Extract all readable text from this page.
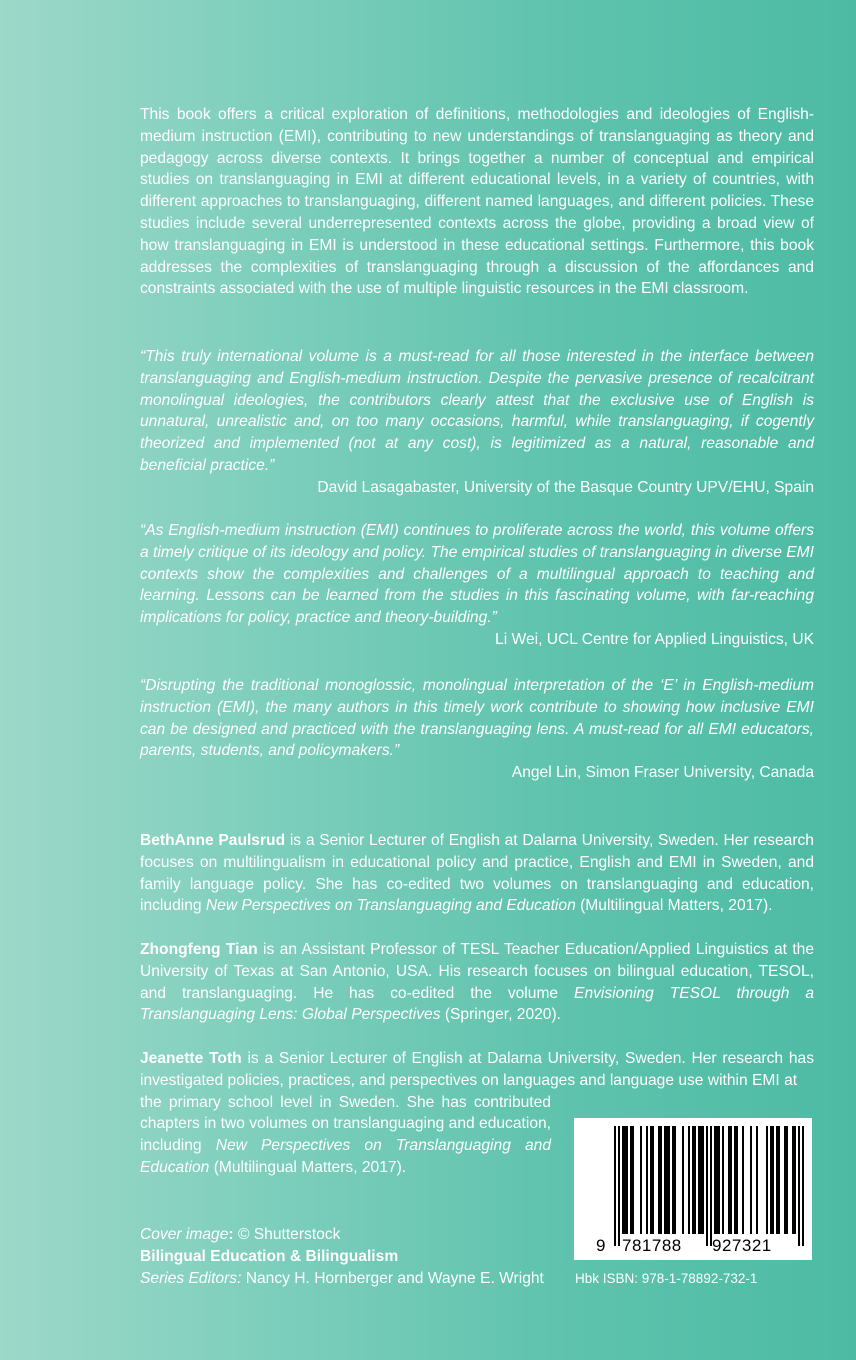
This book offers a critical exploration of definitions, methodologies and ideologies of English-medium instruction (EMI), contributing to new understandings of translanguaging as theory and pedagogy across diverse contexts. It brings together a number of conceptual and empirical studies on translanguaging in EMI at different educational levels, in a variety of countries, with different approaches to translanguaging, different named languages, and different policies. These studies include several underrepresented contexts across the globe, providing a broad view of how translanguaging in EMI is understood in these educational settings. Furthermore, this book addresses the complexities of translanguaging through a discussion of the affordances and constraints associated with the use of multiple linguistic resources in the EMI classroom.
“This truly international volume is a must-read for all those interested in the interface between translanguaging and English-medium instruction. Despite the pervasive presence of recalcitrant monolingual ideologies, the contributors clearly attest that the exclusive use of English is unnatural, unrealistic and, on too many occasions, harmful, while translanguaging, if cogently theorized and implemented (not at any cost), is legitimized as a natural, reasonable and beneficial practice.”
David Lasagabaster, University of the Basque Country UPV/EHU, Spain
“As English-medium instruction (EMI) continues to proliferate across the world, this volume offers a timely critique of its ideology and policy. The empirical studies of translanguaging in diverse EMI contexts show the complexities and challenges of a multilingual approach to teaching and learning. Lessons can be learned from the studies in this fascinating volume, with far-reaching implications for policy, practice and theory-building.”
Li Wei, UCL Centre for Applied Linguistics, UK
“Disrupting the traditional monoglossic, monolingual interpretation of the ‘E’ in English-medium instruction (EMI), the many authors in this timely work contribute to showing how inclusive EMI can be designed and practiced with the translanguaging lens. A must-read for all EMI educators, parents, students, and policymakers.”
Angel Lin, Simon Fraser University, Canada
BethAnne Paulsrud is a Senior Lecturer of English at Dalarna University, Sweden. Her research focuses on multilingualism in educational policy and practice, English and EMI in Sweden, and family language policy. She has co-edited two volumes on translanguaging and education, including New Perspectives on Translanguaging and Education (Multilingual Matters, 2017).
Zhongfeng Tian is an Assistant Professor of TESL Teacher Education/Applied Linguistics at the University of Texas at San Antonio, USA. His research focuses on bilingual education, TESOL, and translanguaging. He has co-edited the volume Envisioning TESOL through a Translanguaging Lens: Global Perspectives (Springer, 2020).
Jeanette Toth is a Senior Lecturer of English at Dalarna University, Sweden. Her research has investigated policies, practices, and perspectives on languages and language use within EMI at
the primary school level in Sweden. She has contributed chapters in two volumes on translanguaging and education, including New Perspectives on Translanguaging and Education (Multilingual Matters, 2017).
Cover image: © Shutterstock
Bilingual Education & Bilingualism
Series Editors: Nancy H. Hornberger and Wayne E. Wright
9 781788 927321
Hbk ISBN: 978-1-78892-732-1
